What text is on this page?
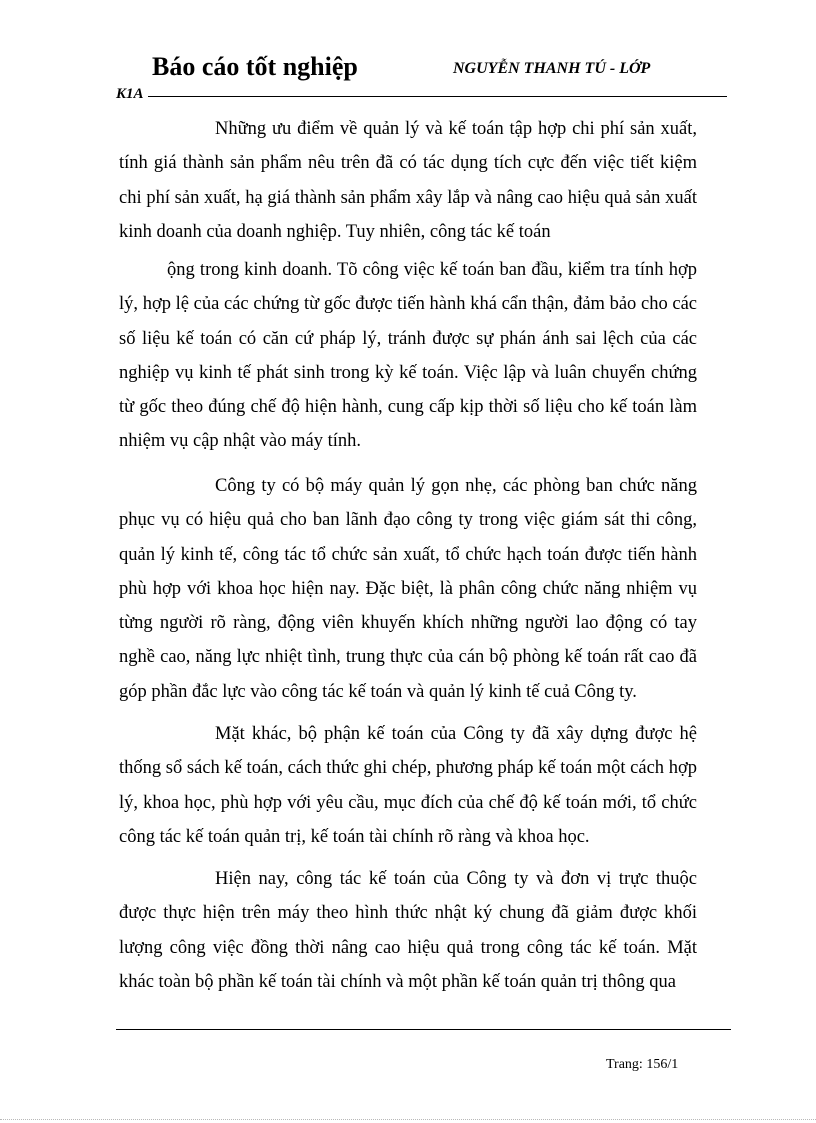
Báo cáo tốt nghiệp	NGUYỄN THANH TÚ - LỚP
K1A
Những ưu điểm về quản lý và kế toán tập hợp chi phí sản xuất, tính giá thành sản phẩm nêu trên đã có tác dụng tích cực đến việc tiết kiệm chi phí sản xuất, hạ giá thành sản phẩm xây lắp và nâng cao hiệu quả sản xuất kinh doanh của doanh nghiệp. Tuy nhiên, công tác kế toán
ộng trong kinh doanh. Tõ công việc kế toán ban đầu, kiểm tra tính hợp lý, hợp lệ của các chứng từ gốc được tiến hành khá cẩn thận, đảm bảo cho các số liệu kế toán có căn cứ pháp lý, tránh được sự phán ánh sai lệch của các nghiệp vụ kinh tế phát sinh trong kỳ kế toán. Việc lập và luân chuyển chứng từ gốc theo đúng chế độ hiện hành, cung cấp kịp thời số liệu cho kế toán làm nhiệm vụ cập nhật vào máy tính.
Công ty có bộ máy quản lý gọn nhẹ, các phòng ban chức năng phục vụ có hiệu quả cho ban lãnh đạo công ty trong việc giám sát thi công, quản lý kinh tế, công tác tổ chức sản xuất, tổ chức hạch toán được tiến hành phù hợp với khoa học hiện nay. Đặc biệt, là phân công chức năng nhiệm vụ từng người rõ ràng, động viên khuyến khích những người lao động có tay nghề cao, năng lực nhiệt tình, trung thực của cán bộ phòng kế toán rất cao đã góp phần đắc lực vào công tác kế toán và quản lý kinh tế cuả Công ty.
Mặt khác, bộ phận kế toán của Công ty đã xây dựng được hệ thống sổ sách kế toán, cách thức ghi chép, phương pháp kế toán một cách hợp lý, khoa học, phù hợp với yêu cầu, mục đích của chế độ kế toán mới, tổ chức công tác kế toán quản trị, kế toán tài chính rõ ràng và khoa học.
Hiện nay, công tác kế toán của Công ty và đơn vị trực thuộc được thực hiện trên máy theo hình thức nhật ký chung đã giảm được khối lượng công việc đồng thời nâng cao hiệu quả trong công tác kế toán. Mặt khác toàn bộ phần kế toán tài chính và một phần kế toán quản trị thông qua
Trang: 156/1
